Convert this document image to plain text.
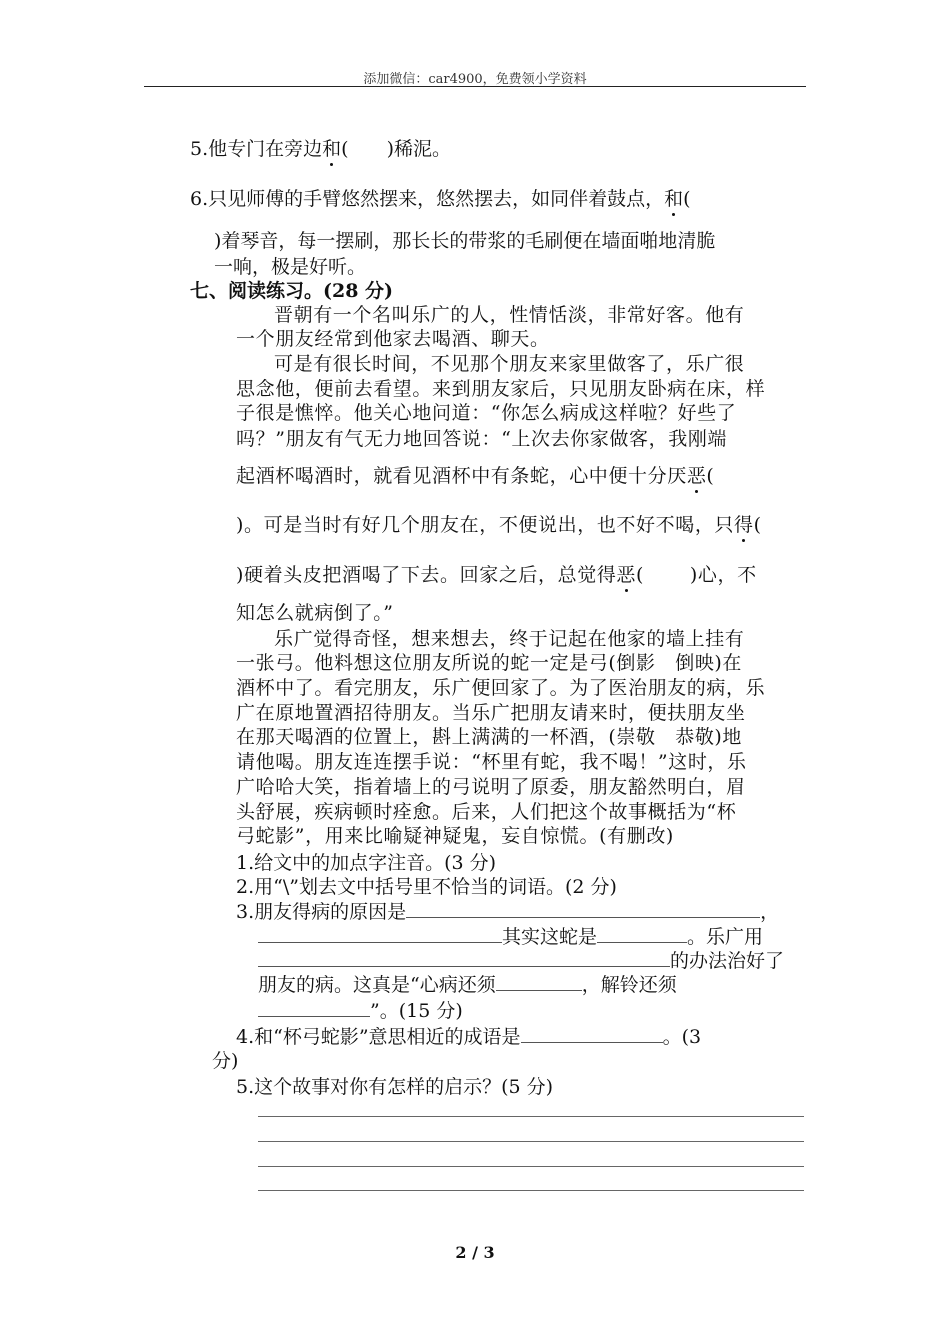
添加微信：car4900，免费领小学资料
5.他专门在旁边和(　　)稀泥。
6.只见师傅的手臂悠然摆来，悠然摆去，如同伴着鼓点，和(
)着琴音，每一摆刷，那长长的带浆的毛刷便在墙面啪地清脆
一响，极是好听。
七、阅读练习。(28 分)
晋朝有一个名叫乐广的人，性情恬淡，非常好客。他有
一个朋友经常到他家去喝酒、聊天。
可是有很长时间，不见那个朋友来家里做客了，乐广很
思念他，便前去看望。来到朋友家后，只见朋友卧病在床，样
子很是憔悴。他关心地问道：“你怎么病成这样啦？好些了
吗？”朋友有气无力地回答说：“上次去你家做客，我刚端
起酒杯喝酒时，就看见酒杯中有条蛇，心中便十分厌恶(
)。可是当时有好几个朋友在，不便说出，也不好不喝，只得(
)硬着头皮把酒喝了下去。回家之后，总觉得恶(　　 )心，不
知怎么就病倒了。”
乐广觉得奇怪，想来想去，终于记起在他家的墙上挂有
一张弓。他料想这位朋友所说的蛇一定是弓(倒影　倒映)在
酒杯中了。看完朋友，乐广便回家了。为了医治朋友的病，乐
广在原地置酒招待朋友。当乐广把朋友请来时，便扶朋友坐
在那天喝酒的位置上，斟上满满的一杯酒，(崇敬　恭敬)地
请他喝。朋友连连摆手说：“杯里有蛇，我不喝！”这时，乐
广哈哈大笑，指着墙上的弓说明了原委，朋友豁然明白，眉
头舒展，疾病顿时痊愈。后来，人们把这个故事概括为“杯
弓蛇影”，用来比喻疑神疑鬼，妄自惊慌。(有删改)
1.给文中的加点字注音。(3 分)
2.用“\”划去文中括号里不恰当的词语。(2 分)
3.朋友得病的原因是	，
其实这蛇是	。乐广用
的办法治好了
朋友的病。这真是“心病还须	，解铃还须
”。(15 分)
4.和“杯弓蛇影”意思相近的成语是	。(3
分)
5.这个故事对你有怎样的启示？(5 分)
2 / 3
